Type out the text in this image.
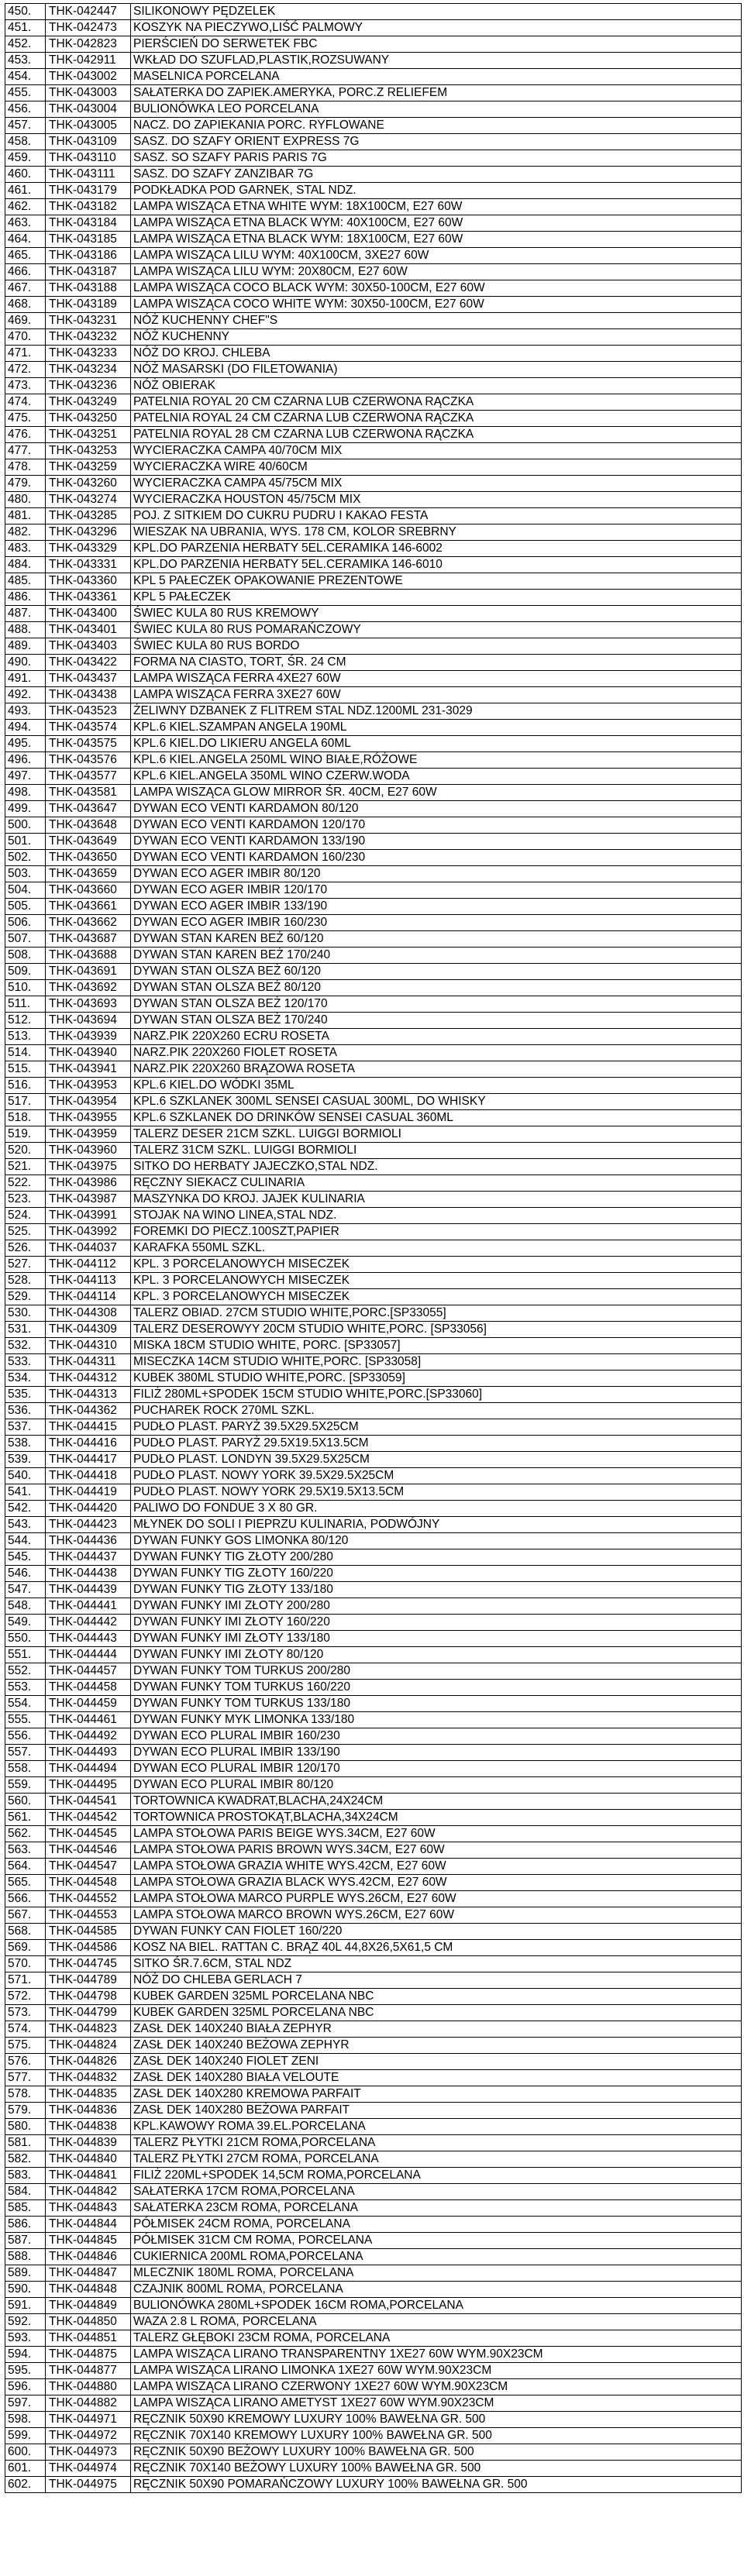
450.	THK-042447	SILIKONOWY PĘDZELEK
451.	THK-042473	KOSZYK NA PIECZYWO,LIŚĆ PALMOWY
452.	THK-042823	PIERŚCIEŃ DO SERWETEK FBC
453.	THK-042911	WKŁAD DO SZUFLAD,PLASTIK,ROZSUWANY
454.	THK-043002	MASELNICA PORCELANA
455.	THK-043003	SAŁATERKA DO ZAPIEK.AMERYKA, PORC.Z RELIEFEM
456.	THK-043004	BULIONÓWKA LEO PORCELANA
457.	THK-043005	NACZ. DO ZAPIEKANIA PORC. RYFLOWANE
458.	THK-043109	SASZ. DO SZAFY ORIENT EXPRESS 7G
459.	THK-043110	SASZ. SO SZAFY PARIS PARIS 7G
460.	THK-043111	SASZ. DO SZAFY ZANZIBAR 7G
461.	THK-043179	PODKŁADKA POD GARNEK, STAL NDZ.
462.	THK-043182	LAMPA WISZĄCA ETNA WHITE WYM: 18X100CM, E27 60W
463.	THK-043184	LAMPA WISZĄCA ETNA BLACK WYM: 40X100CM, E27 60W
464.	THK-043185	LAMPA WISZĄCA ETNA BLACK WYM: 18X100CM, E27 60W
465.	THK-043186	LAMPA WISZĄCA LILU WYM: 40X100CM, 3XE27 60W
466.	THK-043187	LAMPA WISZĄCA LILU WYM: 20X80CM, E27 60W
467.	THK-043188	LAMPA WISZĄCA COCO BLACK WYM: 30X50-100CM, E27 60W
468.	THK-043189	LAMPA WISZĄCA COCO WHITE WYM: 30X50-100CM, E27 60W
469.	THK-043231	NÓŻ KUCHENNY CHEF"S
470.	THK-043232	NÓŻ KUCHENNY
471.	THK-043233	NÓŻ DO KROJ. CHLEBA
472.	THK-043234	NÓŻ MASARSKI (DO FILETOWANIA)
473.	THK-043236	NÓŻ OBIERAK
474.	THK-043249	PATELNIA ROYAL 20 CM CZARNA LUB CZERWONA RĄCZKA
475.	THK-043250	PATELNIA ROYAL 24 CM CZARNA LUB CZERWONA RĄCZKA
476.	THK-043251	PATELNIA ROYAL 28 CM CZARNA LUB CZERWONA RĄCZKA
477.	THK-043253	WYCIERACZKA CAMPA 40/70CM MIX
478.	THK-043259	WYCIERACZKA WIRE 40/60CM
479.	THK-043260	WYCIERACZKA CAMPA 45/75CM MIX
480.	THK-043274	WYCIERACZKA HOUSTON 45/75CM MIX
481.	THK-043285	POJ. Z SITKIEM DO CUKRU PUDRU I KAKAO FESTA
482.	THK-043296	WIESZAK NA UBRANIA, WYS. 178 CM, KOLOR SREBRNY
483.	THK-043329	KPL.DO PARZENIA HERBATY 5EL.CERAMIKA 146-6002
484.	THK-043331	KPL.DO PARZENIA HERBATY 5EL.CERAMIKA 146-6010
485.	THK-043360	KPL 5 PAŁECZEK OPAKOWANIE PREZENTOWE
486.	THK-043361	KPL 5 PAŁECZEK
487.	THK-043400	ŚWIEC KULA 80 RUS KREMOWY
488.	THK-043401	ŚWIEC KULA 80 RUS POMARAŃCZOWY
489.	THK-043403	ŚWIEC KULA 80 RUS BORDO
490.	THK-043422	FORMA NA CIASTO, TORT, ŚR. 24 CM
491.	THK-043437	LAMPA WISZĄCA FERRA 4XE27 60W
492.	THK-043438	LAMPA WISZĄCA FERRA 3XE27 60W
493.	THK-043523	ŻELIWNY DZBANEK Z FLITREM STAL NDZ.1200ML 231-3029
494.	THK-043574	KPL.6 KIEL.SZAMPAN ANGELA 190ML
495.	THK-043575	KPL.6 KIEL.DO LIKIERU ANGELA 60ML
496.	THK-043576	KPL.6 KIEL.ANGELA 250ML WINO BIAŁE,RÓŻOWE
497.	THK-043577	KPL.6 KIEL.ANGELA 350ML WINO CZERW.WODA
498.	THK-043581	LAMPA WISZĄCA GLOW MIRROR ŚR. 40CM, E27 60W
499.	THK-043647	DYWAN ECO VENTI KARDAMON 80/120
500.	THK-043648	DYWAN ECO VENTI KARDAMON 120/170
501.	THK-043649	DYWAN ECO VENTI KARDAMON 133/190
502.	THK-043650	DYWAN ECO VENTI KARDAMON 160/230
503.	THK-043659	DYWAN ECO AGER IMBIR 80/120
504.	THK-043660	DYWAN ECO AGER IMBIR 120/170
505.	THK-043661	DYWAN ECO AGER IMBIR 133/190
506.	THK-043662	DYWAN ECO AGER IMBIR 160/230
507.	THK-043687	DYWAN STAN KAREN BEŻ 60/120
508.	THK-043688	DYWAN STAN KAREN BEŻ 170/240
509.	THK-043691	DYWAN STAN OLSZA BEŻ 60/120
510.	THK-043692	DYWAN STAN OLSZA BEŻ 80/120
511.	THK-043693	DYWAN STAN OLSZA BEŻ 120/170
512.	THK-043694	DYWAN STAN OLSZA BEŻ 170/240
513.	THK-043939	NARZ.PIK 220X260 ECRU ROSETA
514.	THK-043940	NARZ.PIK 220X260 FIOLET ROSETA
515.	THK-043941	NARZ.PIK 220X260 BRĄZOWA ROSETA
516.	THK-043953	KPL.6 KIEL.DO WÓDKI 35ML
517.	THK-043954	KPL.6 SZKLANEK 300ML SENSEI CASUAL 300ML, DO WHISKY
518.	THK-043955	KPL.6 SZKLANEK DO DRINKÓW SENSEI CASUAL 360ML
519.	THK-043959	TALERZ DESER 21CM SZKL. LUIGGI BORMIOLI
520.	THK-043960	TALERZ 31CM SZKL. LUIGGI BORMIOLI
521.	THK-043975	SITKO DO HERBATY JAJECZKO,STAL NDZ.
522.	THK-043986	RĘCZNY SIEKACZ CULINARIA
523.	THK-043987	MASZYNKA DO KROJ. JAJEK KULINARIA
524.	THK-043991	STOJAK NA WINO LINEA,STAL NDZ.
525.	THK-043992	FOREMKI DO PIECZ.100SZT,PAPIER
526.	THK-044037	KARAFKA 550ML SZKL.
527.	THK-044112	KPL. 3 PORCELANOWYCH MISECZEK
528.	THK-044113	KPL. 3 PORCELANOWYCH MISECZEK
529.	THK-044114	KPL. 3 PORCELANOWYCH MISECZEK
530.	THK-044308	TALERZ OBIAD. 27CM STUDIO WHITE,PORC.[SP33055]
531.	THK-044309	TALERZ DESEROWYY 20CM STUDIO WHITE,PORC. [SP33056]
532.	THK-044310	MISKA 18CM STUDIO WHITE, PORC. [SP33057]
533.	THK-044311	MISECZKA 14CM STUDIO WHITE,PORC. [SP33058]
534.	THK-044312	KUBEK 380ML STUDIO WHITE,PORC. [SP33059]
535.	THK-044313	FILIŻ 280ML+SPODEK 15CM STUDIO WHITE,PORC.[SP33060]
536.	THK-044362	PUCHAREK ROCK 270ML SZKL.
537.	THK-044415	PUDŁO PLAST. PARYŻ 39.5X29.5X25CM
538.	THK-044416	PUDŁO PLAST. PARYŻ 29.5X19.5X13.5CM
539.	THK-044417	PUDŁO PLAST. LONDYN 39.5X29.5X25CM
540.	THK-044418	PUDŁO PLAST. NOWY YORK 39.5X29.5X25CM
541.	THK-044419	PUDŁO PLAST. NOWY YORK 29.5X19.5X13.5CM
542.	THK-044420	PALIWO DO FONDUE 3 X 80 GR.
543.	THK-044423	MŁYNEK DO SOLI I PIEPRZU KULINARIA, PODWÓJNY
544.	THK-044436	DYWAN FUNKY GOS LIMONKA 80/120
545.	THK-044437	DYWAN FUNKY TIG ZŁOTY 200/280
546.	THK-044438	DYWAN FUNKY TIG ZŁOTY 160/220
547.	THK-044439	DYWAN FUNKY TIG ZŁOTY 133/180
548.	THK-044441	DYWAN FUNKY IMI ZŁOTY 200/280
549.	THK-044442	DYWAN FUNKY IMI ZŁOTY 160/220
550.	THK-044443	DYWAN FUNKY IMI ZŁOTY 133/180
551.	THK-044444	DYWAN FUNKY IMI ZŁOTY 80/120
552.	THK-044457	DYWAN FUNKY TOM TURKUS 200/280
553.	THK-044458	DYWAN FUNKY TOM TURKUS 160/220
554.	THK-044459	DYWAN FUNKY TOM TURKUS 133/180
555.	THK-044461	DYWAN FUNKY MYK LIMONKA 133/180
556.	THK-044492	DYWAN ECO PLURAL IMBIR 160/230
557.	THK-044493	DYWAN ECO PLURAL IMBIR 133/190
558.	THK-044494	DYWAN ECO PLURAL IMBIR 120/170
559.	THK-044495	DYWAN ECO PLURAL IMBIR 80/120
560.	THK-044541	TORTOWNICA KWADRAT,BLACHA,24X24CM
561.	THK-044542	TORTOWNICA PROSTOKĄT,BLACHA,34X24CM
562.	THK-044545	LAMPA STOŁOWA PARIS BEIGE WYS.34CM, E27 60W
563.	THK-044546	LAMPA STOŁOWA PARIS BROWN WYS.34CM, E27 60W
564.	THK-044547	LAMPA STOŁOWA GRAZIA WHITE WYS.42CM, E27 60W
565.	THK-044548	LAMPA STOŁOWA GRAZIA BLACK WYS.42CM, E27 60W
566.	THK-044552	LAMPA STOŁOWA MARCO PURPLE WYS.26CM, E27 60W
567.	THK-044553	LAMPA STOŁOWA MARCO BROWN WYS.26CM, E27 60W
568.	THK-044585	DYWAN FUNKY CAN FIOLET 160/220
569.	THK-044586	KOSZ NA BIEL. RATTAN C. BRĄZ 40L 44,8X26,5X61,5 CM
570.	THK-044745	SITKO ŚR.7.6CM, STAL NDZ
571.	THK-044789	NÓŻ DO CHLEBA GERLACH 7
572.	THK-044798	KUBEK GARDEN 325ML PORCELANA NBC
573.	THK-044799	KUBEK GARDEN 325ML PORCELANA NBC
574.	THK-044823	ZASŁ DEK 140X240 BIAŁA ZEPHYR
575.	THK-044824	ZASŁ DEK 140X240 BEŻOWA ZEPHYR
576.	THK-044826	ZASŁ DEK 140X240 FIOLET ZENI
577.	THK-044832	ZASŁ DEK 140X280 BIAŁA VELOUTE
578.	THK-044835	ZASŁ DEK 140X280 KREMOWA PARFAIT
579.	THK-044836	ZASŁ DEK 140X280 BEŻOWA PARFAIT
580.	THK-044838	KPL.KAWOWY ROMA 39.EL.PORCELANA
581.	THK-044839	TALERZ PŁYTKI 21CM ROMA,PORCELANA
582.	THK-044840	TALERZ PŁYTKI 27CM ROMA, PORCELANA
583.	THK-044841	FILIŻ 220ML+SPODEK 14,5CM ROMA,PORCELANA
584.	THK-044842	SAŁATERKA 17CM ROMA,PORCELANA
585.	THK-044843	SAŁATERKA 23CM ROMA, PORCELANA
586.	THK-044844	PÓŁMISEK 24CM ROMA, PORCELANA
587.	THK-044845	PÓŁMISEK 31CM CM ROMA, PORCELANA
588.	THK-044846	CUKIERNICA 200ML ROMA,PORCELANA
589.	THK-044847	MLECZNIK 180ML ROMA, PORCELANA
590.	THK-044848	CZAJNIK 800ML ROMA, PORCELANA
591.	THK-044849	BULIONÓWKA 280ML+SPODEK 16CM ROMA,PORCELANA
592.	THK-044850	WAZA 2.8 L ROMA, PORCELANA
593.	THK-044851	TALERZ GŁĘBOKI 23CM ROMA, PORCELANA
594.	THK-044875	LAMPA WISZĄCA LIRANO TRANSPARENTNY 1XE27 60W WYM.90X23CM
595.	THK-044877	LAMPA WISZĄCA LIRANO LIMONKA 1XE27 60W WYM.90X23CM
596.	THK-044880	LAMPA WISZĄCA LIRANO CZERWONY 1XE27 60W WYM.90X23CM
597.	THK-044882	LAMPA WISZĄCA LIRANO AMETYST 1XE27 60W WYM.90X23CM
598.	THK-044971	RĘCZNIK 50X90 KREMOWY LUXURY 100% BAWEŁNA GR. 500
599.	THK-044972	RĘCZNIK 70X140 KREMOWY LUXURY 100% BAWEŁNA GR. 500
600.	THK-044973	RĘCZNIK 50X90 BEŻOWY LUXURY 100% BAWEŁNA GR. 500
601.	THK-044974	RĘCZNIK 70X140 BEŻOWY LUXURY 100% BAWEŁNA GR. 500
602.	THK-044975	RĘCZNIK 50X90 POMARAŃCZOWY LUXURY 100% BAWEŁNA GR. 500
